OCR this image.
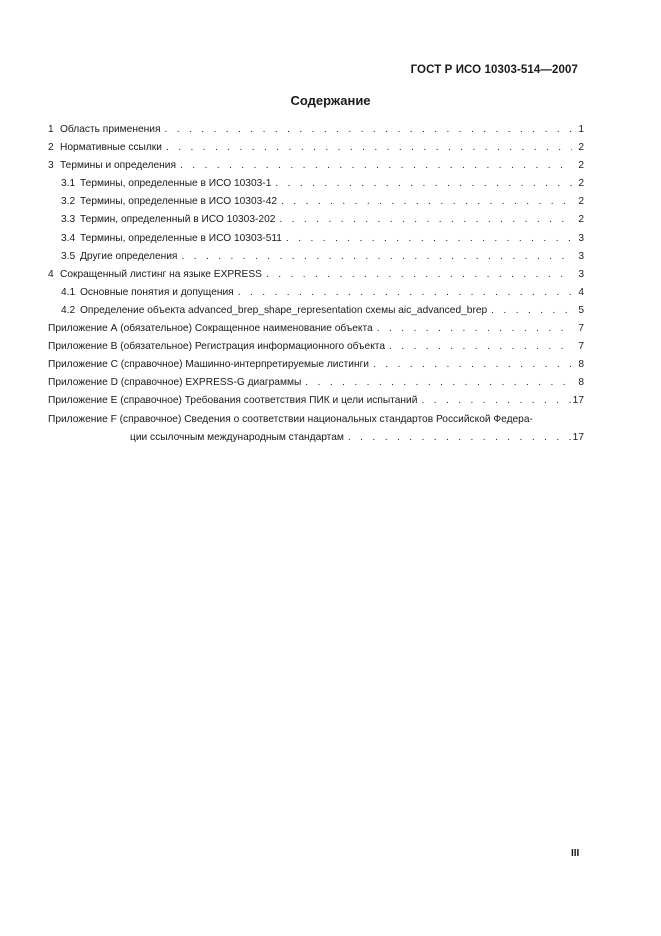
ГОСТ Р ИСО 10303-514—2007
Содержание
1 Область применения . . .	1
2 Нормативные ссылки . . .	2
3 Термины и определения . . .	2
3.1 Термины, определенные в ИСО 10303-1 . . .	2
3.2 Термины, определенные в ИСО 10303-42 . . .	2
3.3 Термин, определенный в ИСО 10303-202 . . .	2
3.4 Термины, определенные в ИСО 10303-511 . . .	3
3.5 Другие определения . . .	3
4 Сокращенный листинг на языке EXPRESS . . .	3
4.1 Основные понятия и допущения . . .	4
4.2 Определение объекта advanced_brep_shape_representation схемы aic_advanced_brep . . .	5
Приложение А (обязательное) Сокращенное наименование объекта . . .	7
Приложение В (обязательное) Регистрация информационного объекта . . .	7
Приложение С (справочное) Машинно-интерпретируемые листинги . . .	8
Приложение D (справочное) EXPRESS-G диаграммы . . .	8
Приложение Е (справочное) Требования соответствия ПИК и цели испытаний . . .	17
Приложение F (справочное) Сведения о соответствии национальных стандартов Российской Федера-
ции ссылочным международным стандартам . . .	17
III
